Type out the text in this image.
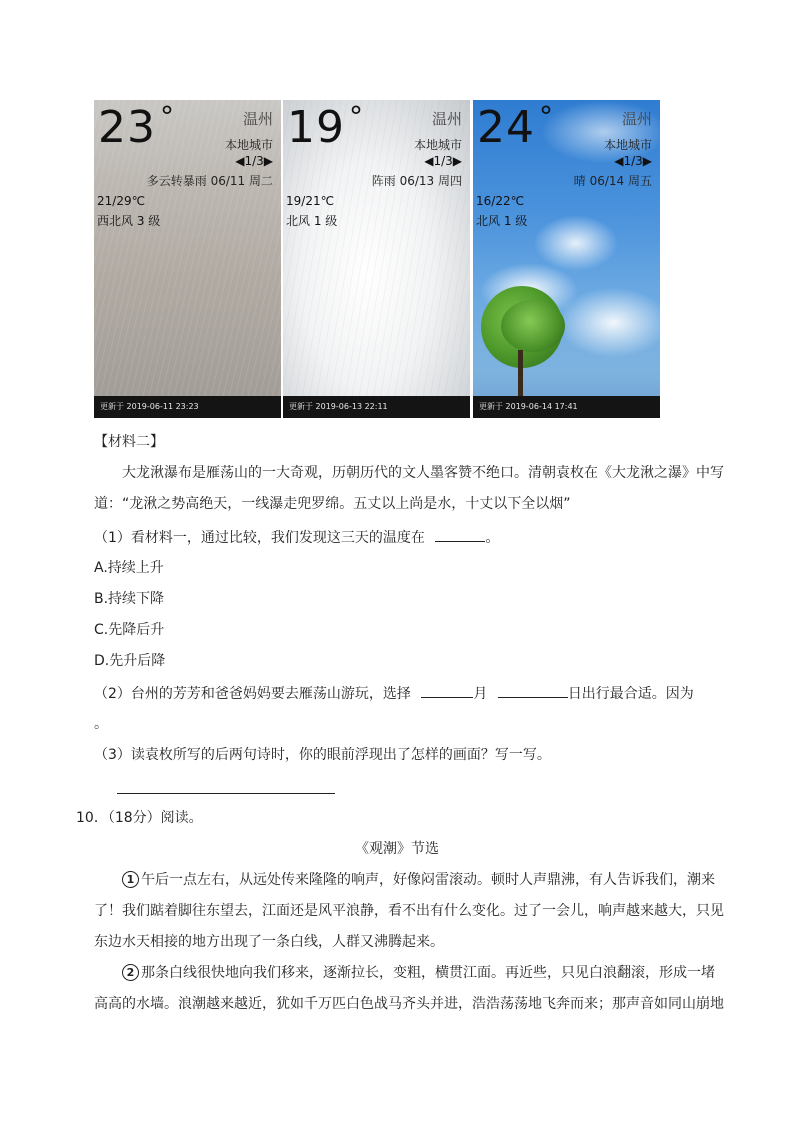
23 °	温州
本地城市
◀1/3▶
多云转暴雨 06/11 周二
21/29℃
西北风 3 级
更新于 2019-06-11 23:23
19 °	温州
本地城市
◀1/3▶
阵雨 06/13 周四
19/21℃
北风 1 级
更新于 2019-06-13 22:11
24 °	温州
本地城市
◀1/3▶
晴 06/14 周五
16/22℃
北风 1 级
更新于 2019-06-14 17:41
【材料二】
大龙湫瀑布是雁荡山的一大奇观，历朝历代的文人墨客赞不绝口。清朝袁枚在《大龙湫之瀑》中写
道：“龙湫之势高绝天，一线瀑走兜罗绵。五丈以上尚是水，十丈以下全以烟”
（1）看材料一，通过比较，我们发现这三天的温度在	。
A.持续上升
B.持续下降
C.先降后升
D.先升后降
（2）台州的芳芳和爸爸妈妈要去雁荡山游玩，选择	月	日出行最合适。因为
。
（3）读袁枚所写的后两句诗时，你的眼前浮现出了怎样的画面？写一写。
10．（18分）阅读。
《观潮》节选
1 午后一点左右，从远处传来隆隆的响声，好像闷雷滚动。顿时人声鼎沸，有人告诉我们，潮来
了！我们踮着脚往东望去，江面还是风平浪静，看不出有什么变化。过了一会儿，响声越来越大，只见
东边水天相接的地方出现了一条白线，人群又沸腾起来。
2 那条白线很快地向我们移来，逐渐拉长，变粗，横贯江面。再近些，只见白浪翻滚，形成一堵
高高的水墙。浪潮越来越近，犹如千万匹白色战马齐头并进，浩浩荡荡地飞奔而来；那声音如同山崩地
